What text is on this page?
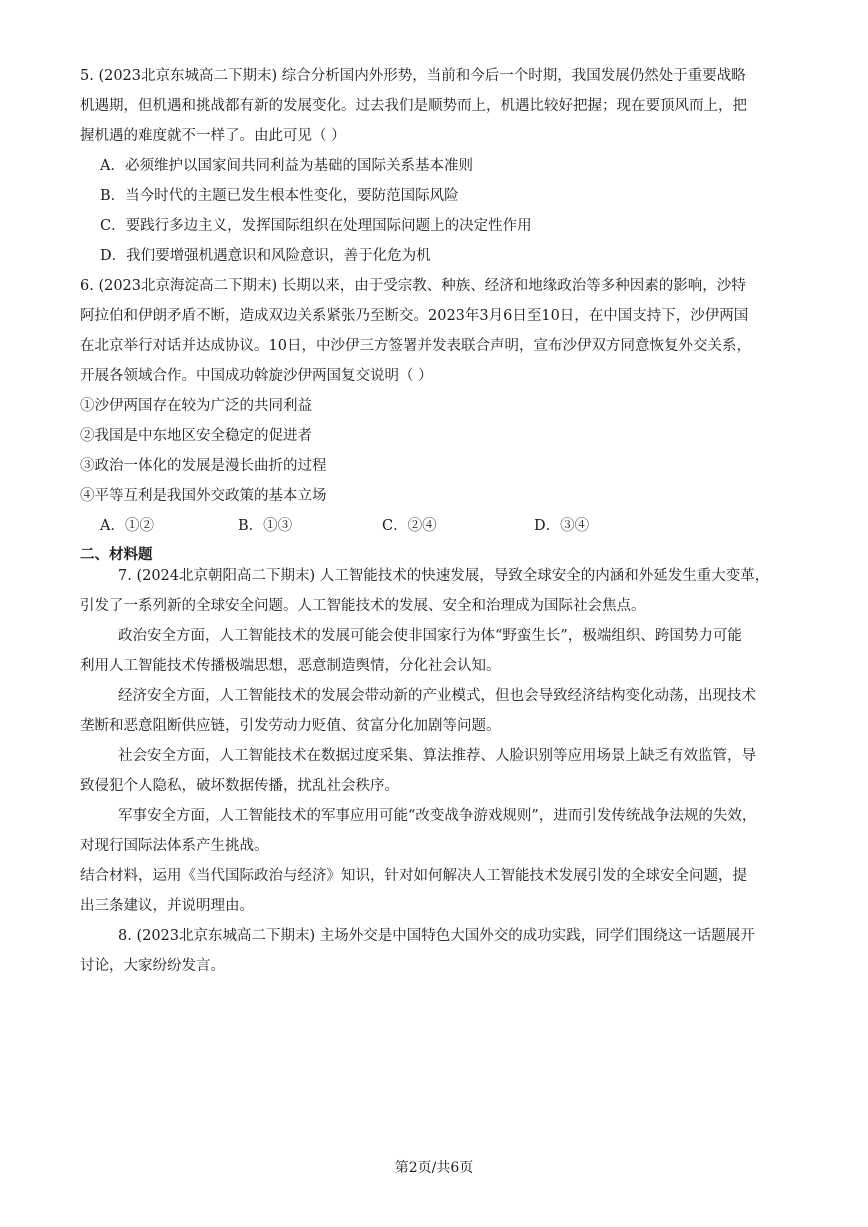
5. (2023北京东城高二下期末) 综合分析国内外形势，当前和今后一个时期，我国发展仍然处于重要战略
机遇期，但机遇和挑战都有新的发展变化。过去我们是顺势而上，机遇比较好把握；现在要顶风而上，把
握机遇的难度就不一样了。由此可见（ ）
A．必须维护以国家间共同利益为基础的国际关系基本准则
B．当今时代的主题已发生根本性变化，要防范国际风险
C．要践行多边主义，发挥国际组织在处理国际问题上的决定性作用
D．我们要增强机遇意识和风险意识，善于化危为机
6. (2023北京海淀高二下期末) 长期以来，由于受宗教、种族、经济和地缘政治等多种因素的影响，沙特
阿拉伯和伊朗矛盾不断，造成双边关系紧张乃至断交。2023年3月6日至10日，在中国支持下，沙伊两国
在北京举行对话并达成协议。10日，中沙伊三方签署并发表联合声明，宣布沙伊双方同意恢复外交关系，
开展各领域合作。中国成功斡旋沙伊两国复交说明（ ）
①沙伊两国存在较为广泛的共同利益
②我国是中东地区安全稳定的促进者
③政治一体化的发展是漫长曲折的过程
④平等互利是我国外交政策的基本立场
A．①②	B．①③	C．②④	D．③④
二、材料题
7. (2024北京朝阳高二下期末) 人工智能技术的快速发展，导致全球安全的内涵和外延发生重大变革，
引发了一系列新的全球安全问题。人工智能技术的发展、安全和治理成为国际社会焦点。
政治安全方面，人工智能技术的发展可能会使非国家行为体“野蛮生长”，极端组织、跨国势力可能
利用人工智能技术传播极端思想，恶意制造舆情，分化社会认知。
经济安全方面，人工智能技术的发展会带动新的产业模式，但也会导致经济结构变化动荡，出现技术
垄断和恶意阻断供应链，引发劳动力贬值、贫富分化加剧等问题。
社会安全方面，人工智能技术在数据过度采集、算法推荐、人脸识别等应用场景上缺乏有效监管，导
致侵犯个人隐私，破坏数据传播，扰乱社会秩序。
军事安全方面，人工智能技术的军事应用可能“改变战争游戏规则”，进而引发传统战争法规的失效，
对现行国际法体系产生挑战。
结合材料，运用《当代国际政治与经济》知识，针对如何解决人工智能技术发展引发的全球安全问题，提
出三条建议，并说明理由。
8. (2023北京东城高二下期末) 主场外交是中国特色大国外交的成功实践，同学们围绕这一话题展开
讨论，大家纷纷发言。
第2页/共6页
